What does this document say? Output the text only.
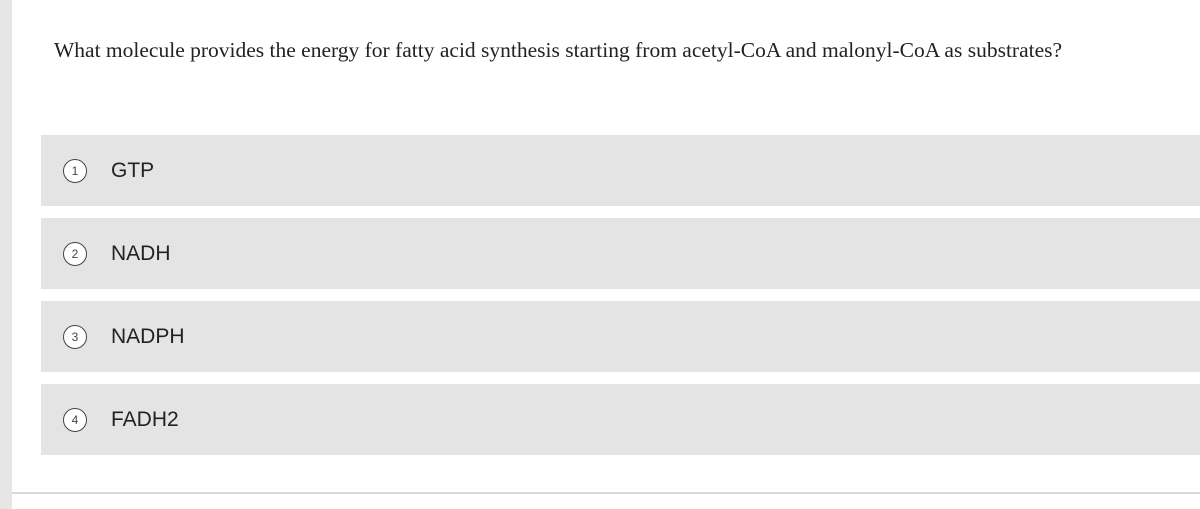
What molecule provides the energy for fatty acid synthesis starting from acetyl-CoA and malonyl-CoA as substrates?

1	GTP
2	NADH
3	NADPH
4	FADH2
